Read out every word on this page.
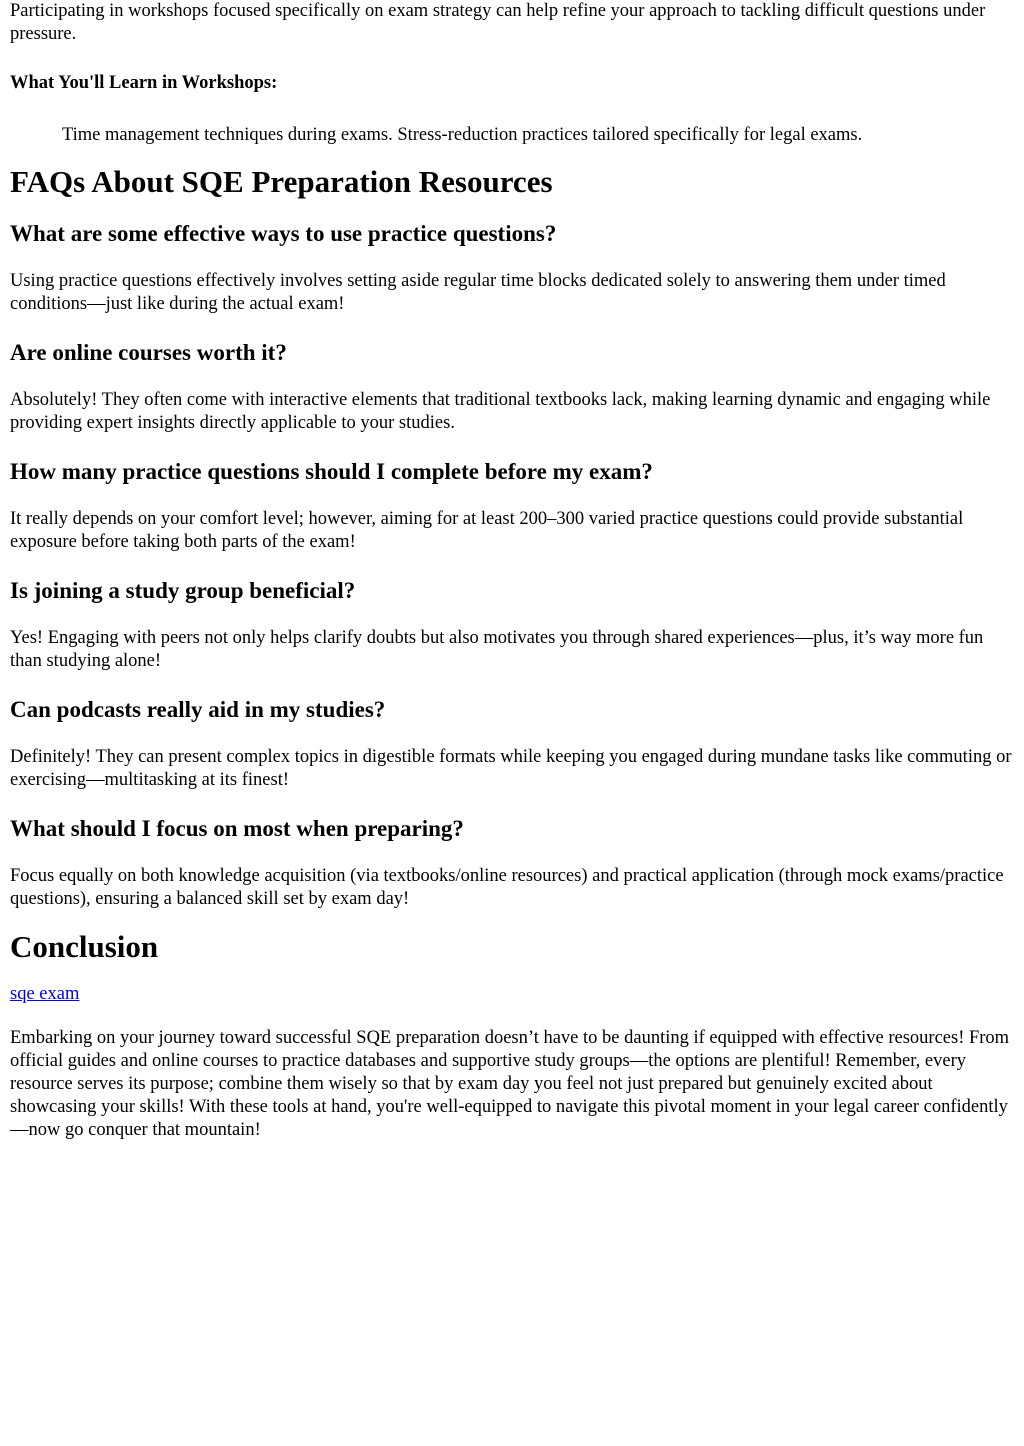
Participating in workshops focused specifically on exam strategy can help refine your approach to tackling difficult questions under pressure.

What You'll Learn in Workshops:

Time management techniques during exams. Stress-reduction practices tailored specifically for legal exams.

FAQs About SQE Preparation Resources
What are some effective ways to use practice questions?

Using practice questions effectively involves setting aside regular time blocks dedicated solely to answering them under timed conditions—just like during the actual exam!

Are online courses worth it?

Absolutely! They often come with interactive elements that traditional textbooks lack, making learning dynamic and engaging while providing expert insights directly applicable to your studies.

How many practice questions should I complete before my exam?

It really depends on your comfort level; however, aiming for at least 200–300 varied practice questions could provide substantial exposure before taking both parts of the exam!

Is joining a study group beneficial?

Yes! Engaging with peers not only helps clarify doubts but also motivates you through shared experiences—plus, it’s way more fun than studying alone!

Can podcasts really aid in my studies?

Definitely! They can present complex topics in digestible formats while keeping you engaged during mundane tasks like commuting or exercising—multitasking at its finest!

What should I focus on most when preparing?

Focus equally on both knowledge acquisition (via textbooks/online resources) and practical application (through mock exams/practice questions), ensuring a balanced skill set by exam day!

Conclusion

sqe exam

Embarking on your journey toward successful SQE preparation doesn’t have to be daunting if equipped with effective resources! From official guides and online courses to practice databases and supportive study groups—the options are plentiful! Remember, every resource serves its purpose; combine them wisely so that by exam day you feel not just prepared but genuinely excited about showcasing your skills! With these tools at hand, you're well-equipped to navigate this pivotal moment in your legal career confidently—now go conquer that mountain!
